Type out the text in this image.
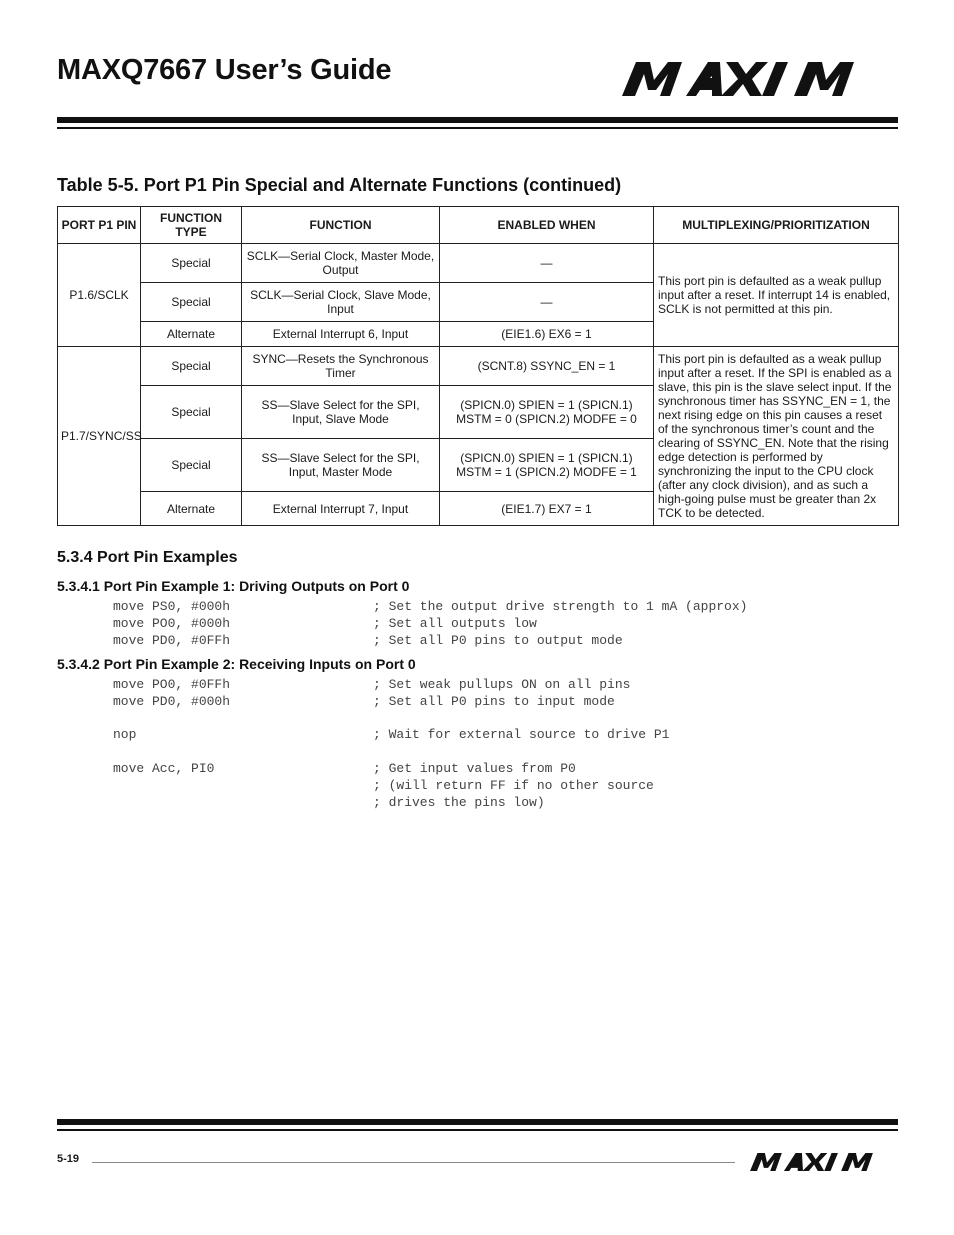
MAXQ7667 User’s Guide
Table 5-5. Port P1 Pin Special and Alternate Functions (continued)
PORT P1 PIN	FUNCTION TYPE	FUNCTION	ENABLED WHEN	MULTIPLEXING/PRIORITIZATION
P1.6/SCLK	Special	SCLK—Serial Clock, Master Mode, Output	—	This port pin is defaulted as a weak pullup input after a reset. If interrupt 14 is enabled, SCLK is not permitted at this pin.
	Special	SCLK—Serial Clock, Slave Mode, Input	—	
	Alternate	External Interrupt 6, Input	(EIE1.6) EX6 = 1	
P1.7/SYNC/SS	Special	SYNC—Resets the Synchronous Timer	(SCNT.8) SSYNC_EN = 1	This port pin is defaulted as a weak pullup input after a reset. If the SPI is enabled as a slave, this pin is the slave select input. If the synchronous timer has SSYNC_EN = 1, the next rising edge on this pin causes a reset of the synchronous timer’s count and the clearing of SSYNC_EN. Note that the rising edge detection is performed by synchronizing the input to the CPU clock (after any clock division), and as such a high-going pulse must be greater than 2x TCK to be detected.
	Special	SS—Slave Select for the SPI, Input, Slave Mode	(SPICN.0) SPIEN = 1 (SPICN.1) MSTM = 0 (SPICN.2) MODFE = 0	
	Special	SS—Slave Select for the SPI, Input, Master Mode	(SPICN.0) SPIEN = 1 (SPICN.1) MSTM = 1 (SPICN.2) MODFE = 1	
	Alternate	External Interrupt 7, Input	(EIE1.7) EX7 = 1	
5.3.4 Port Pin Examples
5.3.4.1 Port Pin Example 1: Driving Outputs on Port 0
move PS0, #000h	; Set the output drive strength to 1 mA (approx)
move PO0, #000h	; Set all outputs low
move PD0, #0FFh	; Set all P0 pins to output mode
5.3.4.2 Port Pin Example 2: Receiving Inputs on Port 0
move PO0, #0FFh	; Set weak pullups ON on all pins
move PD0, #000h	; Set all P0 pins to input mode
nop	; Wait for external source to drive P1
move Acc, PI0	; Get input values from P0
; (will return FF if no other source
; drives the pins low)
5-19
